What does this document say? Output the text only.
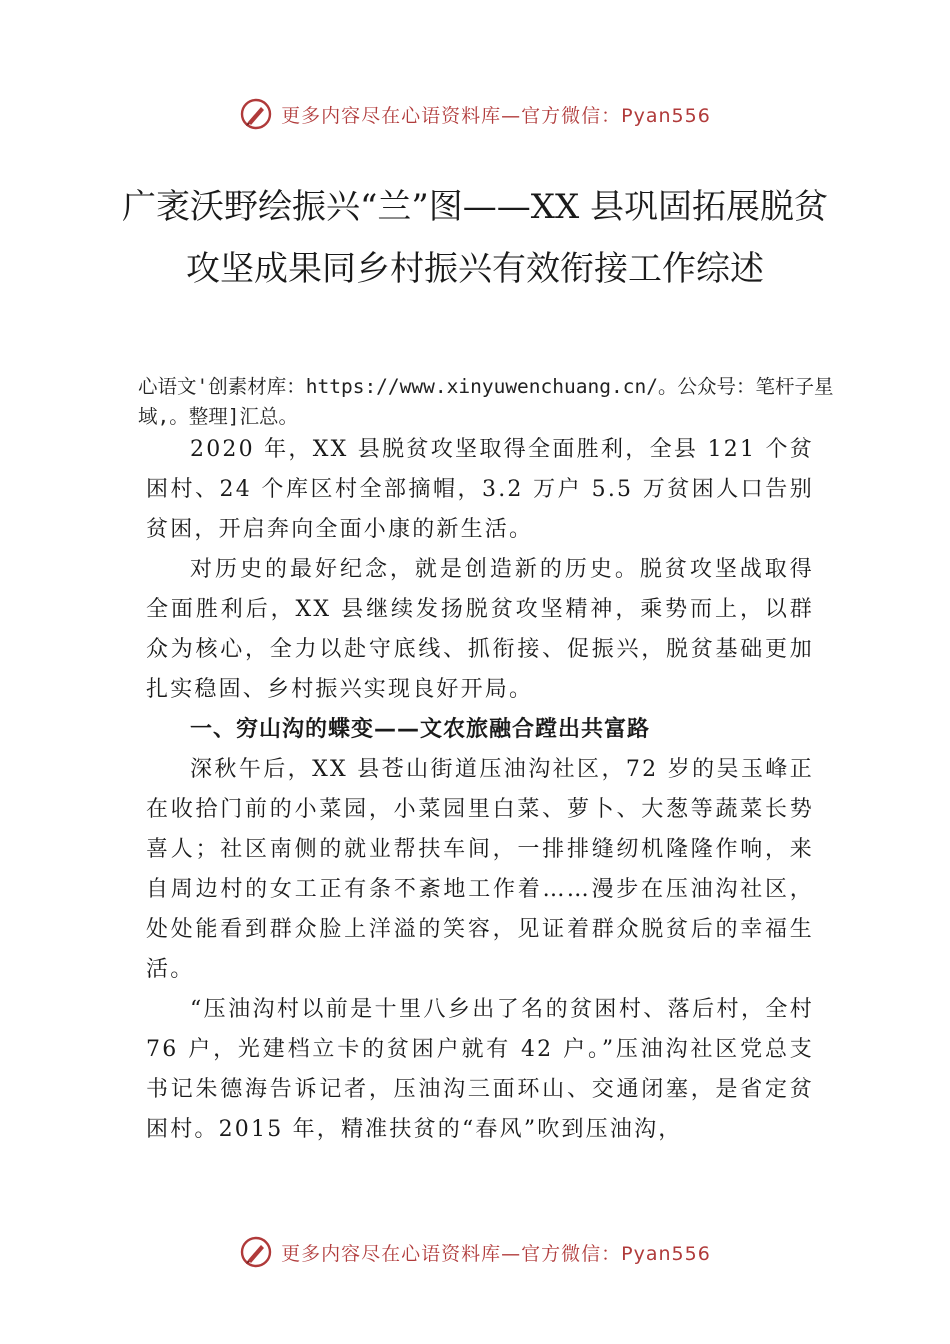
更多内容尽在心语资料库—官方微信：Pyan556
广袤沃野绘振兴“兰”图——XX 县巩固拓展脱贫攻坚成果同乡村振兴有效衔接工作综述
心语文'创素材库：https://www.xinyuwenchuang.cn/。公众号：笔杆子星域,。整理]汇总。

2020 年，XX 县脱贫攻坚取得全面胜利，全县 121 个贫困村、24 个库区村全部摘帽，3.2 万户 5.5 万贫困人口告别贫困，开启奔向全面小康的新生活。

对历史的最好纪念，就是创造新的历史。脱贫攻坚战取得全面胜利后，XX 县继续发扬脱贫攻坚精神，乘势而上，以群众为核心，全力以赴守底线、抓衔接、促振兴，脱贫基础更加扎实稳固、乡村振兴实现良好开局。

一、穷山沟的蝶变——文农旅融合蹚出共富路

深秋午后，XX 县苍山街道压油沟社区，72 岁的吴玉峰正在收拾门前的小菜园，小菜园里白菜、萝卜、大葱等蔬菜长势喜人；社区南侧的就业帮扶车间，一排排缝纫机隆隆作响，来自周边村的女工正有条不紊地工作着……漫步在压油沟社区，处处能看到群众脸上洋溢的笑容，见证着群众脱贫后的幸福生活。

“压油沟村以前是十里八乡出了名的贫困村、落后村，全村 76 户，光建档立卡的贫困户就有 42 户。”压油沟社区党总支书记朱德海告诉记者，压油沟三面环山、交通闭塞，是省定贫困村。2015 年，精准扶贫的“春风”吹到压油沟，

更多内容尽在心语资料库—官方微信：Pyan556
